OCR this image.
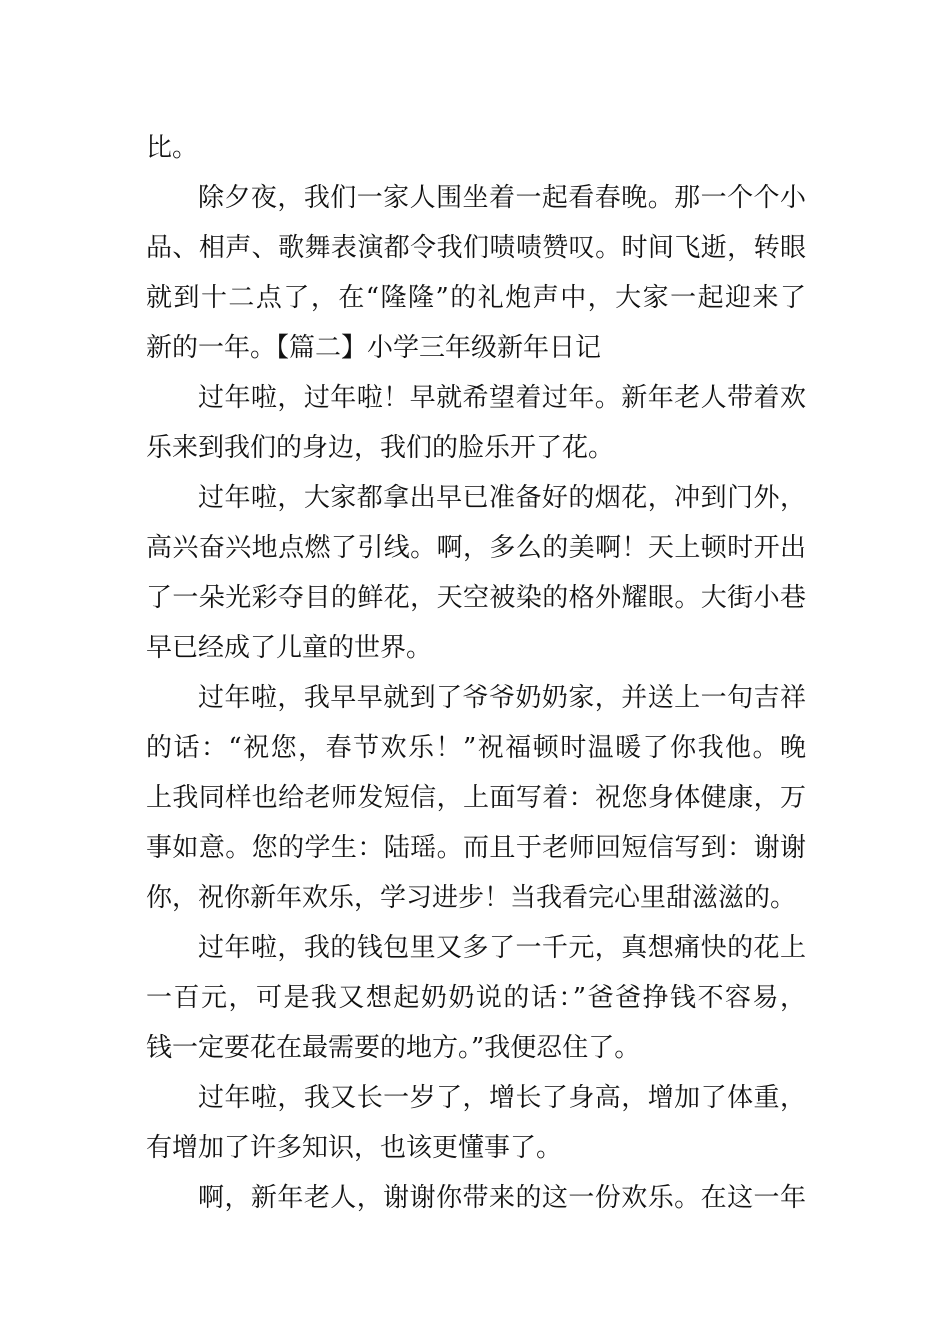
比。
除夕夜，我们一家人围坐着一起看春晚。那一个个小
品、相声、歌舞表演都令我们啧啧赞叹。时间飞逝，转眼
就到十二点了，在“隆隆”的礼炮声中，大家一起迎来了
新的一年。【篇二】小学三年级新年日记
过年啦，过年啦！早就希望着过年。新年老人带着欢
乐来到我们的身边，我们的脸乐开了花。
过年啦，大家都拿出早已准备好的烟花，冲到门外，
高兴奋兴地点燃了引线。啊，多么的美啊！天上顿时开出
了一朵光彩夺目的鲜花，天空被染的格外耀眼。大街小巷
早已经成了儿童的世界。
过年啦，我早早就到了爷爷奶奶家，并送上一句吉祥
的话：“祝您，春节欢乐！”祝福顿时温暖了你我他。晚
上我同样也给老师发短信，上面写着：祝您身体健康，万
事如意。您的学生：陆瑶。而且于老师回短信写到：谢谢
你，祝你新年欢乐，学习进步！当我看完心里甜滋滋的。
过年啦，我的钱包里又多了一千元，真想痛快的花上
一百元，可是我又想起奶奶说的话：”爸爸挣钱不容易，
钱一定要花在最需要的地方。”我便忍住了。
过年啦，我又长一岁了，增长了身高，增加了体重，
有增加了许多知识，也该更懂事了。
啊，新年老人，谢谢你带来的这一份欢乐。在这一年
